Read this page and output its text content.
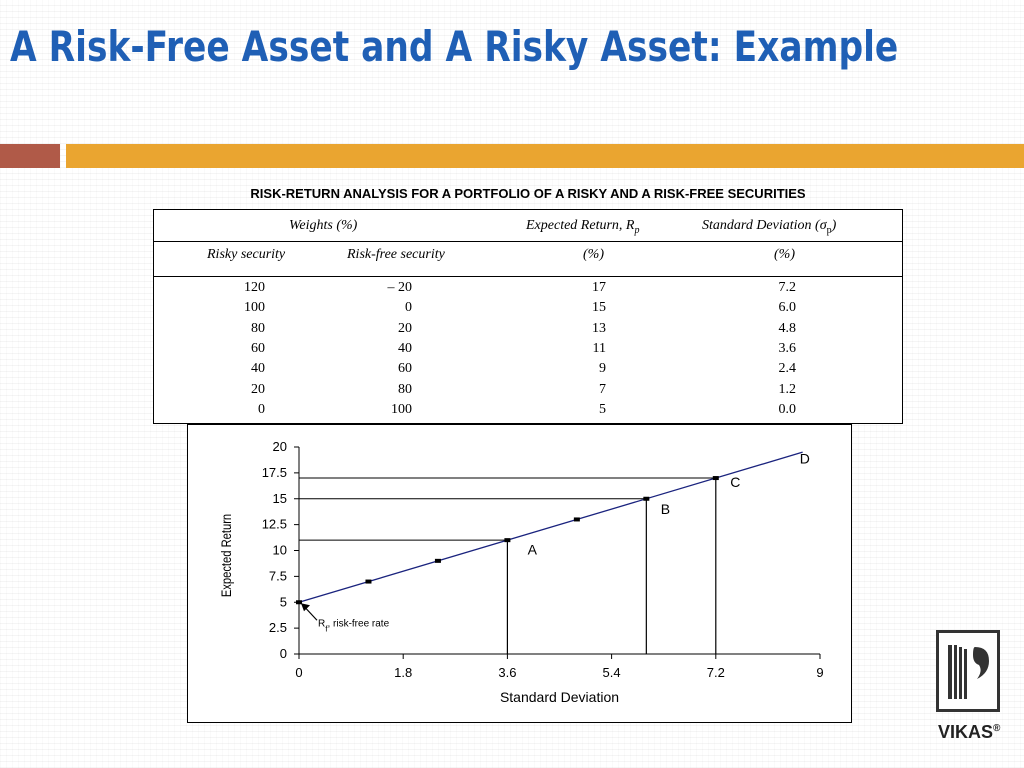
A Risk-Free Asset and A Risky Asset: Example
RISK-RETURN ANALYSIS FOR A PORTFOLIO OF A RISKY AND A RISK-FREE SECURITIES
Weights (%)	Expected Return, $R_p$	Standard Deviation $(\sigma_p)$
Risky security	Risk-free security	(%)	(%)
120	– 20	17	7.2
100	0	15	6.0
80	20	13	4.8
60	40	11	3.6
40	60	9	2.4
20	80	7	1.2
0	100	5	0.0
0
2.5
5
7.5
10
12.5
15
17.5
20
0	1.8	3.6	5.4	7.2	9
Standard Deviation
Expected Return	A
B
C
D
$R_f$, risk-free rate
VIKAS®
